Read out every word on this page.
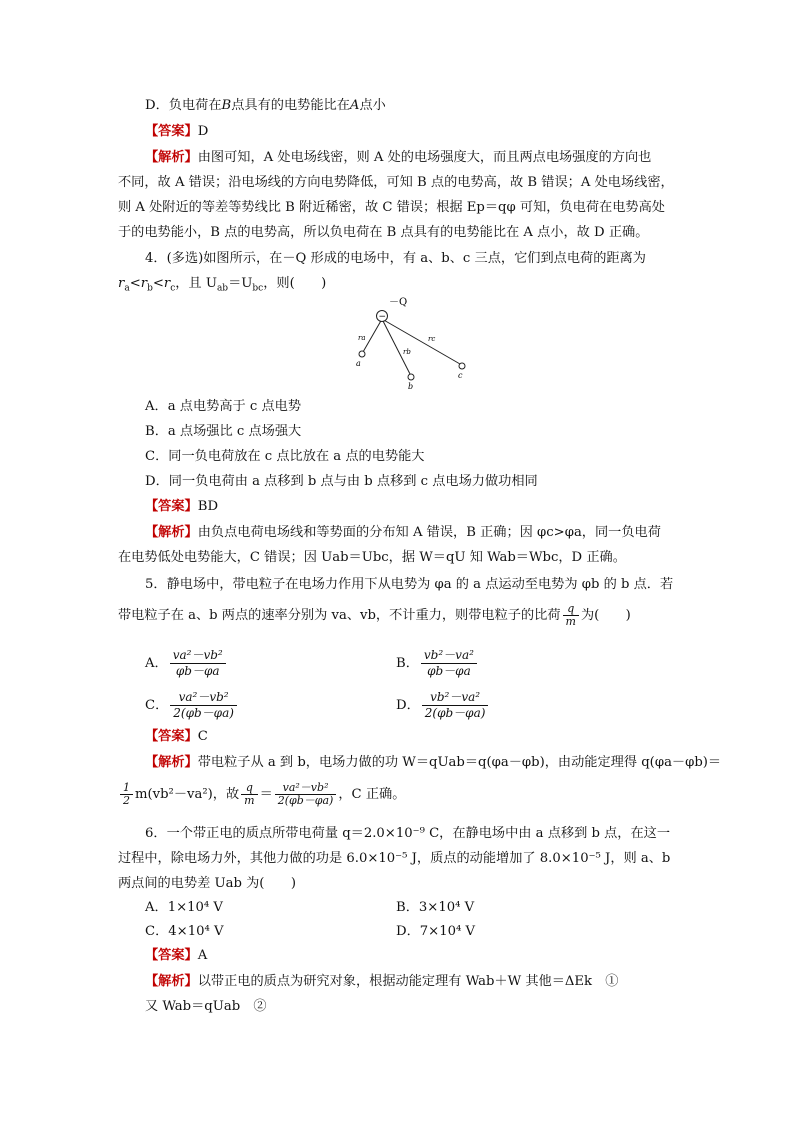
D．负电荷在B点具有的电势能比在A点小
【答案】D
【解析】由图可知，A 处电场线密，则 A 处的电场强度大，而且两点电场强度的方向也
不同，故 A 错误；沿电场线的方向电势降低，可知 B 点的电势高，故 B 错误；A 处电场线密，
则 A 处附近的等差等势线比 B 附近稀密，故 C 错误；根据 Ep＝qφ 可知，负电荷在电势高处
于的电势能小，B 点的电势高，所以负电荷在 B 点具有的电势能比在 A 点小，故 D 正确。
4．(多选)如图所示，在－Q 形成的电场中，有 a、b、c 三点，它们到点电荷的距离为
$r_a<r_b<r_c$，且 $U_{ab}=U_{bc}$，则(　　)
－Q
−
ra
rb
rc
a
b
c
A．a 点电势高于 c 点电势
B．a 点场强比 c 点场强大
C．同一负电荷放在 c 点比放在 a 点的电势能大
D．同一负电荷由 a 点移到 b 点与由 b 点移到 c 点电场力做功相同
【答案】BD
【解析】由负点电荷电场线和等势面的分布知 A 错误，B 正确；因 φc>φa，同一负电荷
在电势低处电势能大，C 错误；因 Uab＝Ubc，据 W＝qU 知 Wab＝Wbc，D 正确。
5．静电场中，带电粒子在电场力作用下从电势为 φa 的 a 点运动至电势为 φb 的 b 点．若
带电粒子在 a、b 两点的速率分别为 va、vb，不计重力，则带电粒子的比荷 $\frac{q}{m}$ 为(　　)
A． $\frac{\text{va²－vb²}}{\varphi b-\varphi a}$	B． $\frac{\text{vb²－va²}}{\varphi b-\varphi a}$
C． $\frac{\text{va²－vb²}}{2(\varphi b-\varphi a)}$	D． $\frac{\text{vb²－va²}}{2(\varphi b-\varphi a)}$
【答案】C
【解析】带电粒子从 a 到 b，电场力做的功 W＝qUab＝q(φa－φb)，由动能定理得 q(φa－φb)＝
$\frac{1}{2} m(vb^2-va^2)$，故 $\frac{q}{m} = \frac{\text{va²－vb²}}{2(\varphi b-\varphi a)}$ ，C 正确。
6．一个带正电的质点所带电荷量 q＝2.0×10⁻⁹ C，在静电场中由 a 点移到 b 点，在这一
过程中，除电场力外，其他力做的功是 6.0×10⁻⁵ J，质点的动能增加了 8.0×10⁻⁵ J，则 a、b
两点间的电势差 Uab 为(　　)
A．1×10⁴ V	B．3×10⁴ V
C．4×10⁴ V	D．7×10⁴ V
【答案】A
【解析】以带正电的质点为研究对象，根据动能定理有 Wab＋W 其他＝ΔEk　①
又 Wab＝qUab　②
